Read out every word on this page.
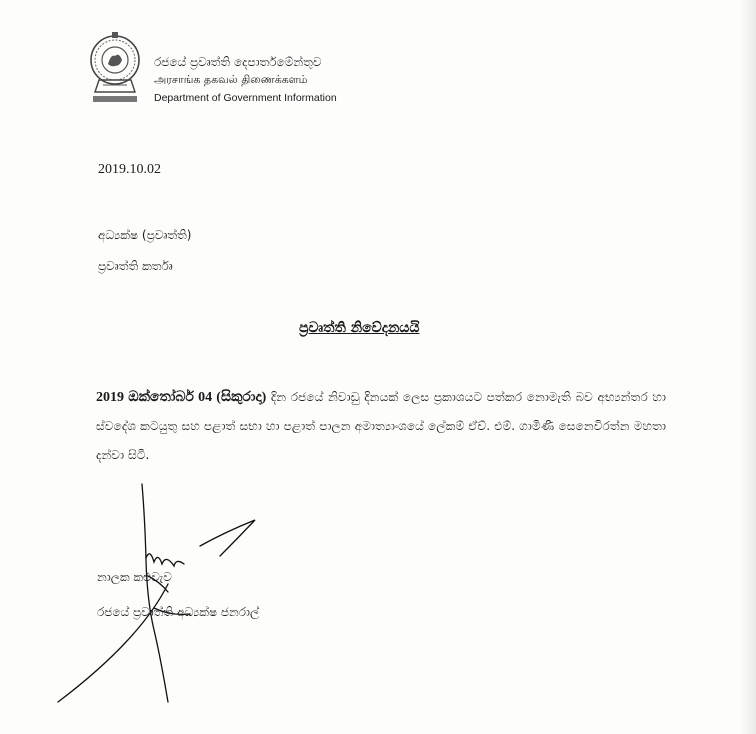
රජයේ ප්‍රවෘත්ති දෙපාර්තමේන්තුව
அரசாங்க தகவல் திணைக்களம்
Department of Government Information
2019.10.02
අධ්‍යක්ෂ (ප්‍රවෘත්ති)
ප්‍රවෘත්ති කර්තෘ
ප්‍රවෘත්ති නිවේදනයයි
2019 ඔක්තෝබර් 04 (සිකුරාදා) දින රජයේ නිවාඩු දිනයක් ලෙස ප්‍රකාශයට පත්කර නොමැති බව අභ්‍යන්තර හා ස්වදේශ කටයුතු සහ පළාත් සභා හා පළාත් පාලන අමාත්‍යාංශයේ ලේකම් ඒච්. එම්. ගාමිණී සෙනෙවිරත්න මහතා දන්වා සිටී.
නාලක කළුවැව
රජයේ ප්‍රවෘත්ති අධ්‍යක්ෂ ජනරාල්
